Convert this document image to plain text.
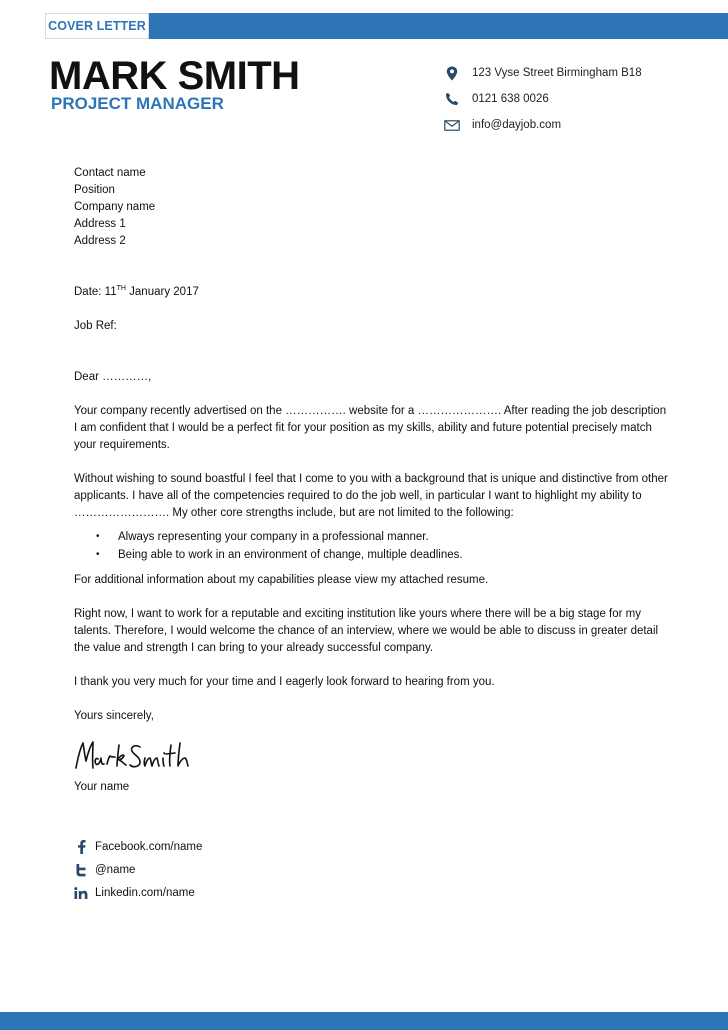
COVER LETTER
MARK SMITH
PROJECT MANAGER
123 Vyse Street Birmingham B18
0121 638 0026
info@dayjob.com
Contact name
Position
Company name
Address 1
Address 2

Date: 11TH January 2017

Job Ref:

Dear …………,

Your company recently advertised on the ……………. website for a …………………. After reading the job description I am confident that I would be a perfect fit for your position as my skills, ability and future potential precisely match your requirements.

Without wishing to sound boastful I feel that I come to you with a background that is unique and distinctive from other applicants. I have all of the competencies required to do the job well, in particular I want to highlight my ability to ……………………. My other core strengths include, but are not limited to the following:

• Always representing your company in a professional manner.
• Being able to work in an environment of change, multiple deadlines.

For additional information about my capabilities please view my attached resume.

Right now, I want to work for a reputable and exciting institution like yours where there will be a big stage for my talents. Therefore, I would welcome the chance of an interview, where we would be able to discuss in greater detail the value and strength I can bring to your already successful company.

I thank you very much for your time and I eagerly look forward to hearing from you.

Yours sincerely,

Your name

Facebook.com/name
@name
Linkedin.com/name
